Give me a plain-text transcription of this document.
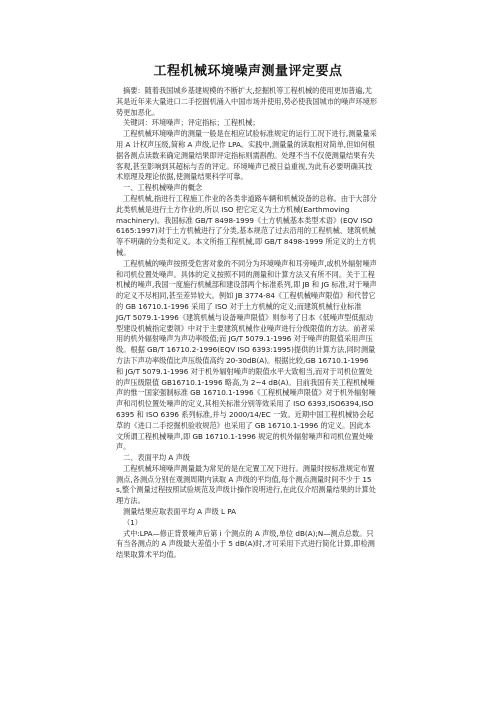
工程机械环境噪声测量评定要点

摘要：随着我国城乡基建规模的不断扩大,挖掘机等工程机械的使用更加普遍,尤其是近年来大量进口二手挖掘机涌入中国市场并使用,势必使我国城市的噪声环境形势更加恶化。

关键词：环境噪声；评定指标；工程机械；

工程机械环境噪声的测量一般是在相应试验标准规定的运行工况下进行,测量量采用 A 计权声压级,简称 A 声级,记作 LPA。实践中,测量量的读取相对简单,但如何根据各测点读数来确定测量结果即评定指标则需斟酌。处理不当不仅使测量结果有失客观,甚至影响到其超标与否的评定。环境噪声已被日益重视,为此有必要明确其技术原理及理论依据,使测量结果科学可靠。

一、工程机械噪声的概念

工程机械,指进行工程施工作业的各类非道路车辆和机械设备的总称。由于大部分此类机械是进行土方作业的,所以 ISO 把它定义为土方机械(Earthmoving machinery)。我国标准 GB/T 8498-1999《土方机械基本类型术语》(EQV ISO 6165:1997)对于土方机械进行了分类,基本规范了过去沿用的工程机械、建筑机械等不明确的分类和定义。本文所指工程机械,即 GB/T 8498-1999 所定义的土方机械。

工程机械的噪声按照受危害对象的不同分为环境噪声和耳旁噪声,或机外辐射噪声和司机位置处噪声。具体的定义按照不同的测量和计算方法又有所不同。关于工程机械的噪声,我国一度施行机械部和建设部两个标准系列,即 JB 和 JG 标准,对于噪声的定义不尽相同,甚至差异较大。例如 JB 3774-84《工程机械噪声限值》和代替它的 GB 16710.1-1996 采用了 ISO 对于土方机械的定义;而建筑机械行业标准 JG/T 5079.1-1996《建筑机械与设备噪声限值》则参考了日本《低噪声型低振动型建设机械指定要领》中对于主要建筑机械作业噪声进行分级限值的方法。前者采用的机外辐射噪声为声功率级值;而 JG/T 5079.1-1996 对于噪声的限值采用声压级。根据 GB/T 16710.2-1996(EQV ISO 6393:1995)提供的计算方法,同时测量方法下声功率级值比声压级值高约 20-30dB(A)。根据比较,GB 16710.1-1996 和 JG/T 5079.1-1996 对于机外辐射噪声的限值水平大致相当,而对于司机位置处的声压级限值 GB16710.1-1996 略高,为 2~4 dB(A)。目前我国有关工程机械噪声的惟一国家强制标准 GB 16710.1-1996《工程机械噪声限值》对于机外辐射噪声和司机位置处噪声的定义,其相关标准分别等效采用了 ISO 6393,ISO6394,ISO 6395 和 ISO 6396 系列标准,并与 2000/14/EC 一致。近期中国工程机械协会起草的《进口二手挖掘机验收规范》也采用了 GB 16710.1-1996 的定义。因此本文所谓工程机械噪声,即 GB 16710.1-1996 规定的机外辐射噪声和司机位置处噪声。

二、表面平均 A 声级

工程机械环境噪声测量最为常见的是在定置工况下进行。测量时按标准规定布置测点,各测点分别在观测周期内读取 A 声级的平均值,每个测点测量时间不少于 15 s,整个测量过程按照试验规范及声级计操作说明进行,在此仅介绍测量结果的计算处理方法。

测量结果应取表面平均 A 声级 L PA

（1）

式中:LPA—修正背景噪声后第 i 个测点的 A 声级,单位 dB(A);N—测点总数。只有当各测点的 A 声级最大差值小于 5 dB(A)时,才可采用下式进行简化计算,即检测结果取算术平均值。
